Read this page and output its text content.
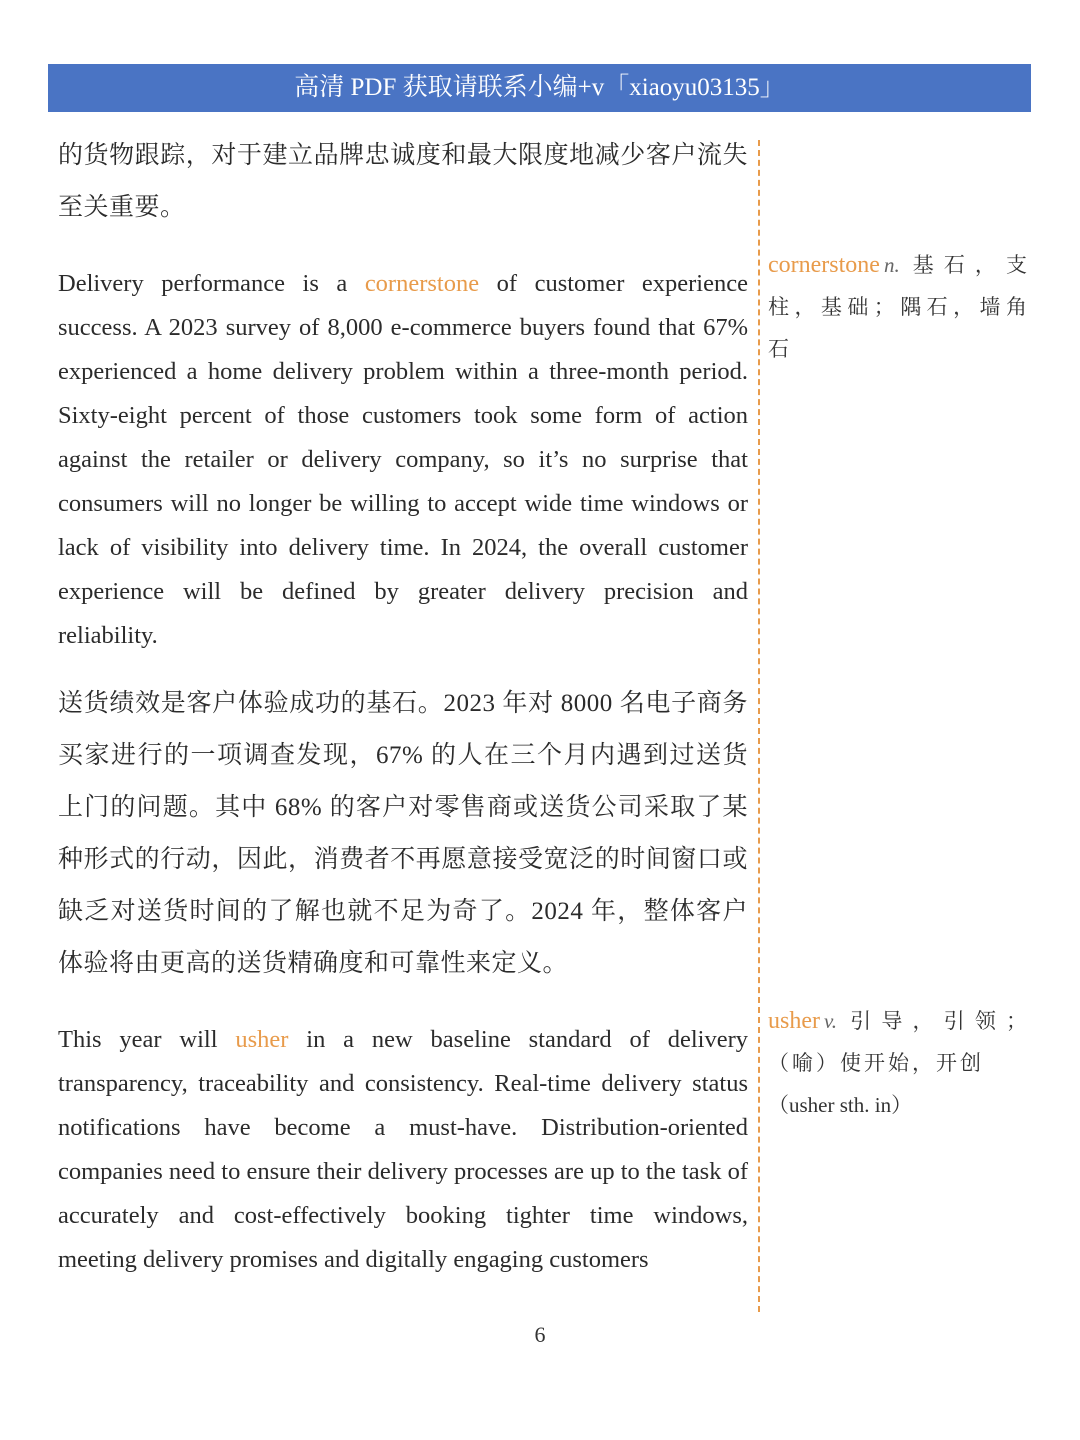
高清 PDF 获取请联系小编+v「xiaoyu03135」

的货物跟踪，对于建立品牌忠诚度和最大限度地减少客户流失至关重要。

Delivery performance is a cornerstone of customer experience success. A 2023 survey of 8,000 e-commerce buyers found that 67% experienced a home delivery problem within a three-month period. Sixty-eight percent of those customers took some form of action against the retailer or delivery company, so it’s no surprise that consumers will no longer be willing to accept wide time windows or lack of visibility into delivery time. In 2024, the overall customer experience will be defined by greater delivery precision and reliability.

送货绩效是客户体验成功的基石。2023 年对 8000 名电子商务买家进行的一项调查发现，67% 的人在三个月内遇到过送货上门的问题。其中 68% 的客户对零售商或送货公司采取了某种形式的行动，因此，消费者不再愿意接受宽泛的时间窗口或缺乏对送货时间的了解也就不足为奇了。2024 年，整体客户体验将由更高的送货精确度和可靠性来定义。

This year will usher in a new baseline standard of delivery transparency, traceability and consistency. Real-time delivery status notifications have become a must-have. Distribution-oriented companies need to ensure their delivery processes are up to the task of accurately and cost-effectively booking tighter time windows, meeting delivery promises and digitally engaging customers

cornerstone n. 基石，支柱，基础；隅石，墙角石
usher v. 引导，引领；（喻）使开始，开创
（usher sth. in）
6
